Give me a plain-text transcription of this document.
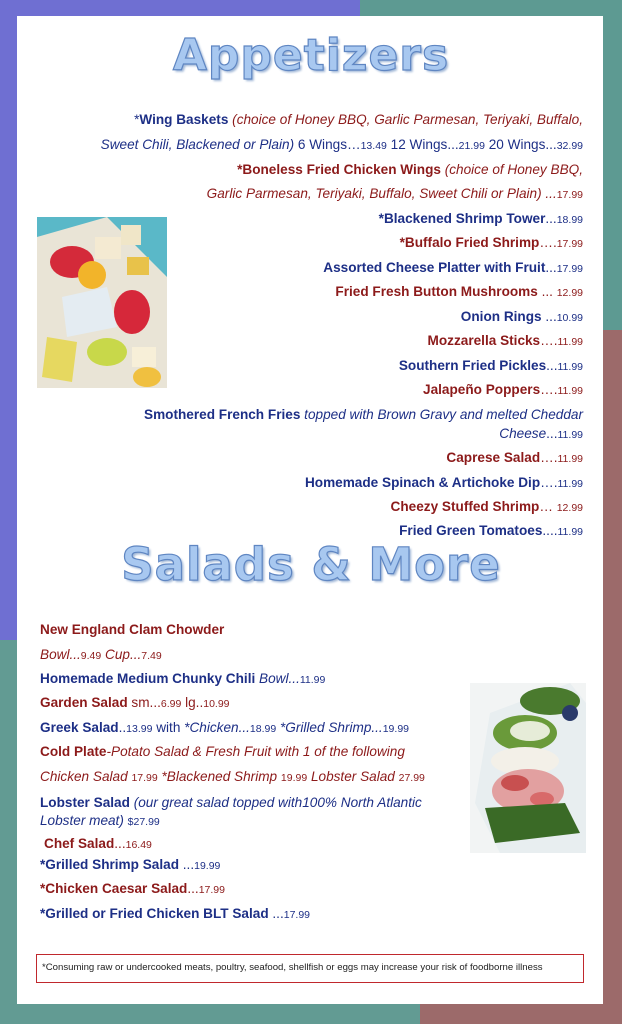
Appetizers
*Wing Baskets (choice of Honey BBQ, Garlic Parmesan, Teriyaki, Buffalo,
Sweet Chili, Blackened or Plain) 6 Wings…13.49 12 Wings...21.99 20 Wings...32.99
*Boneless Fried Chicken Wings (choice of Honey BBQ,
Garlic Parmesan, Teriyaki, Buffalo, Sweet Chili or Plain) ...17.99
*Blackened Shrimp Tower...18.99
*Buffalo Fried Shrimp….17.99
Assorted Cheese Platter with Fruit...17.99
Fried Fresh Button Mushrooms ... 12.99
Onion Rings ...10.99
Mozzarella Sticks….11.99
Southern Fried Pickles...11.99
Jalapeño Poppers….11.99
Smothered French Fries topped with Brown Gravy and melted Cheddar
Cheese...11.99
Caprese Salad….11.99
Homemade Spinach & Artichoke Dip….11.99
Cheezy Stuffed Shrimp… 12.99
Fried Green Tomatoes....11.99
Salads & More
New England Clam Chowder
Bowl...9.49 Cup...7.49
Homemade Medium Chunky Chili Bowl...11.99
Garden Salad sm...6.99 lg..10.99
Greek Salad..13.99 with *Chicken...18.99 *Grilled Shrimp...19.99
Cold Plate-Potato Salad & Fresh Fruit with 1 of the following
Chicken Salad 17.99 *Blackened Shrimp 19.99 Lobster Salad 27.99
Lobster Salad (our great salad topped with100% North Atlantic
Lobster meat) $27.99
Chef Salad...16.49
*Grilled Shrimp Salad ...19.99
*Chicken Caesar Salad...17.99
*Grilled or Fried Chicken BLT Salad ...17.99
*Consuming raw or undercooked meats, poultry, seafood, shellfish or eggs may increase your risk of foodborne illness
